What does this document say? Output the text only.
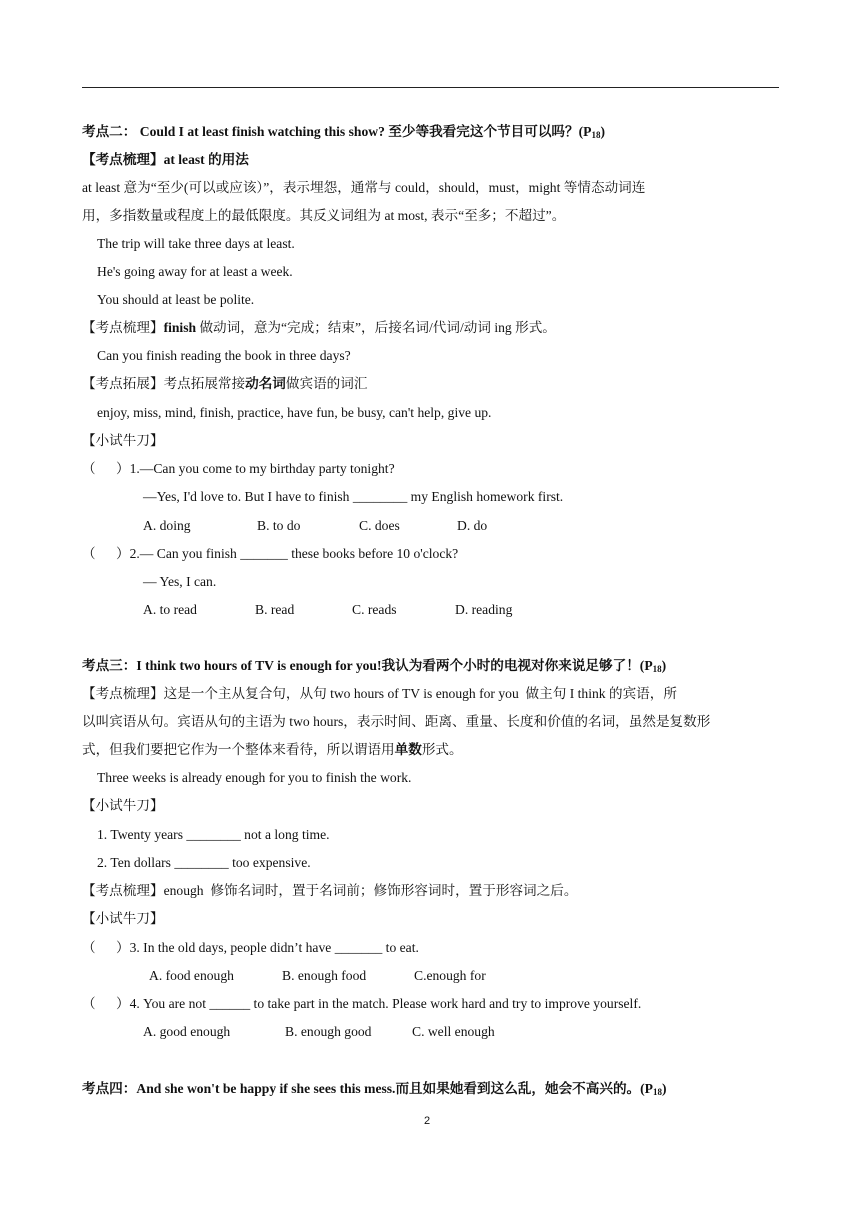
考点二： Could I at least finish watching this show? 至少等我看完这个节目可以吗？$(P_{18})$
【考点梳理】at least 的用法
at least 意为“至少(可以或应该）”，表示埋怨，通常与 could，should，must，might 等情态动词连
用，多指数量或程度上的最低限度。其反义词组为 at most, 表示“至多；不超过”。
The trip will take three days at least.
He's going away for at least a week.
You should at least be polite.
【考点梳理】finish 做动词，意为“完成；结束”，后接名词/代词/动词 ing 形式。
Can you finish reading the book in three days?
【考点拓展】考点拓展常接动名词做宾语的词汇
enjoy, miss, mind, finish, practice, have fun, be busy, can't help, give up.
【小试牛刀】
（      ）1.—Can you come to my birthday party tonight?
—Yes, I'd love to. But I have to finish ________ my English homework first.
A. doing	B. to do	C. does	D. do
（      ）2.— Can you finish _______ these books before 10 o'clock?
— Yes, I can.
A. to read	B. read	C. reads	D. reading
考点三：I think two hours of TV is enough for you!我认为看两个小时的电视对你来说足够了！$(P_{18})$
【考点梳理】这是一个主从复合句，从句 two hours of TV is enough for you  做主句 I think 的宾语，所
以叫宾语从句。宾语从句的主语为 two hours，表示时间、距离、重量、长度和价值的名词，虽然是复数形
式，但我们要把它作为一个整体来看待，所以谓语用单数形式。
Three weeks is already enough for you to finish the work.
【小试牛刀】
1. Twenty years ________ not a long time.
2. Ten dollars ________ too expensive.
【考点梳理】enough  修饰名词时，置于名词前；修饰形容词时，置于形容词之后。
【小试牛刀】
（      ）3. In the old days, people didn’t have _______ to eat.
A. food enough	B. enough food	C.enough for
（      ）4. You are not ______ to take part in the match. Please work hard and try to improve yourself.
A. good enough	B. enough good	C. well enough
考点四：And she won't be happy if she sees this mess.而且如果她看到这么乱，她会不高兴的。$(P_{18})$
2
